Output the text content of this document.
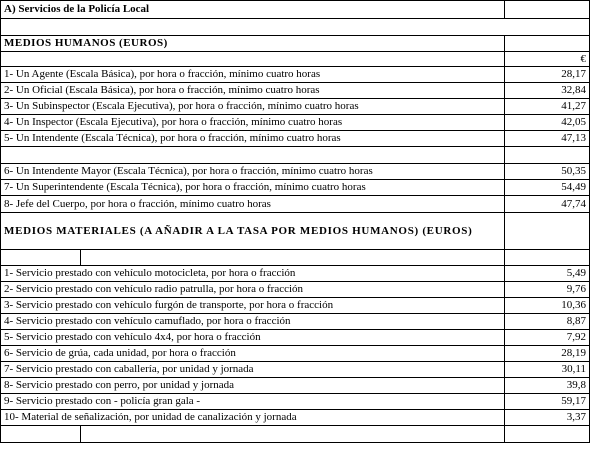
A) Servicios de la Policía Local		

MEDIOS HUMANOS (EUROS)		
		€
1- Un Agente (Escala Básica), por hora o fracción, mínimo cuatro horas		28,17
2- Un Oficial (Escala Básica), por hora o fracción, mínimo cuatro horas		32,84
3- Un Subinspector (Escala Ejecutiva), por hora o fracción, mínimo cuatro horas		41,27
4- Un Inspector (Escala Ejecutiva), por hora o fracción, mínimo cuatro horas		42,05
5- Un Intendente (Escala Técnica), por hora o fracción, mínimo cuatro horas		47,13

6- Un Intendente Mayor (Escala Técnica), por hora o fracción, mínimo cuatro horas		50,35
7- Un Superintendente (Escala Técnica), por hora o fracción, mínimo cuatro horas		54,49
8- Jefe del Cuerpo, por hora o fracción, mínimo cuatro horas		47,74
MEDIOS MATERIALES (A AÑADIR A LA TASA POR MEDIOS HUMANOS) (EUROS)		

1- Servicio prestado con vehículo motocicleta, por hora o fracción		5,49
2- Servicio prestado con vehículo radio patrulla, por hora o fracción		9,76
3- Servicio prestado con vehículo furgón de transporte, por hora o fracción		10,36
4- Servicio prestado con vehículo camuflado, por hora o fracción		8,87
5- Servicio prestado con vehículo 4x4, por hora o fracción		7,92
6- Servicio de grúa, cada unidad, por hora o fracción		28,19
7- Servicio prestado con caballería, por unidad y jornada		30,11
8- Servicio prestado con perro, por unidad y jornada		39,8
9- Servicio prestado con - policía gran gala -		59,17
10- Material de señalización, por unidad de canalización y jornada		3,37
